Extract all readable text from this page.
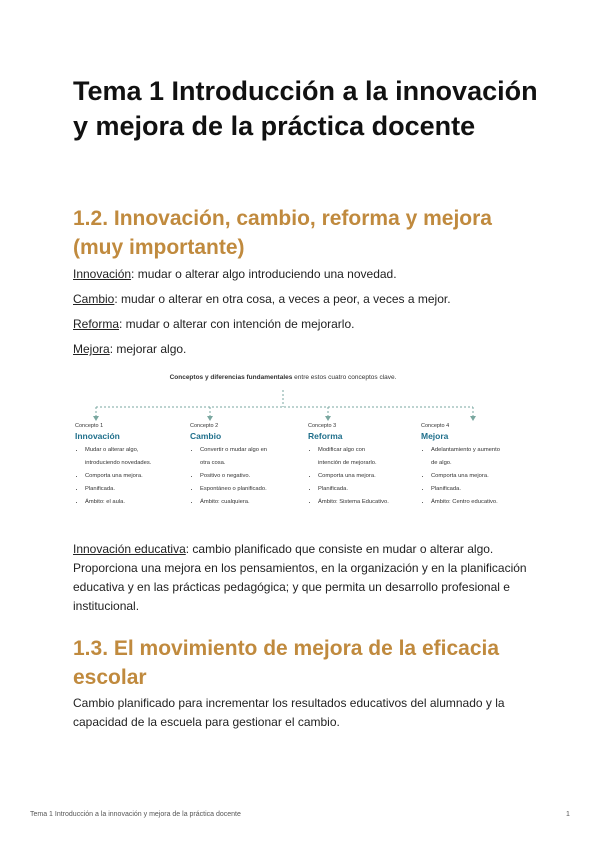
Tema 1 Introducción a la innovación y mejora de la práctica docente
1.2. Innovación, cambio, reforma y mejora (muy importante)

Innovación: mudar o alterar algo introduciendo una novedad.

Cambio: mudar o alterar en otra cosa, a veces a peor, a veces a mejor.

Reforma: mudar o alterar con intención de mejorarlo.

Mejora: mejorar algo.

Conceptos y diferencias fundamentales entre estos cuatro conceptos clave.
Concepto 1
Innovación
• Mudar o alterar algo,
introduciendo novedades.
• Comporta una mejora.
• Planificada.
• Ámbito: el aula.
Concepto 2
Cambio
• Convertir o mudar algo en
otra cosa.
• Positivo o negativo.
• Espontáneo o planificado.
• Ámbito: cualquiera.
Concepto 3
Reforma
• Modificar algo con
intención de mejorarlo.
• Comporta una mejora.
• Planificada.
• Ámbito: Sistema Educativo.
Concepto 4
Mejora
• Adelantamiento y aumento
de algo.
• Comporta una mejora.
• Planificada.
• Ámbito: Centro educativo.

Innovación educativa: cambio planificado que consiste en mudar o alterar algo. Proporciona una mejora en los pensamientos, en la organización y en la planificación educativa y en las prácticas pedagógica; y que permita un desarrollo profesional e institucional.

1.3. El movimiento de mejora de la eficacia escolar

Cambio planificado para incrementar los resultados educativos del alumnado y la capacidad de la escuela para gestionar el cambio.

Tema 1 Introducción a la innovación y mejora de la práctica docente	1
